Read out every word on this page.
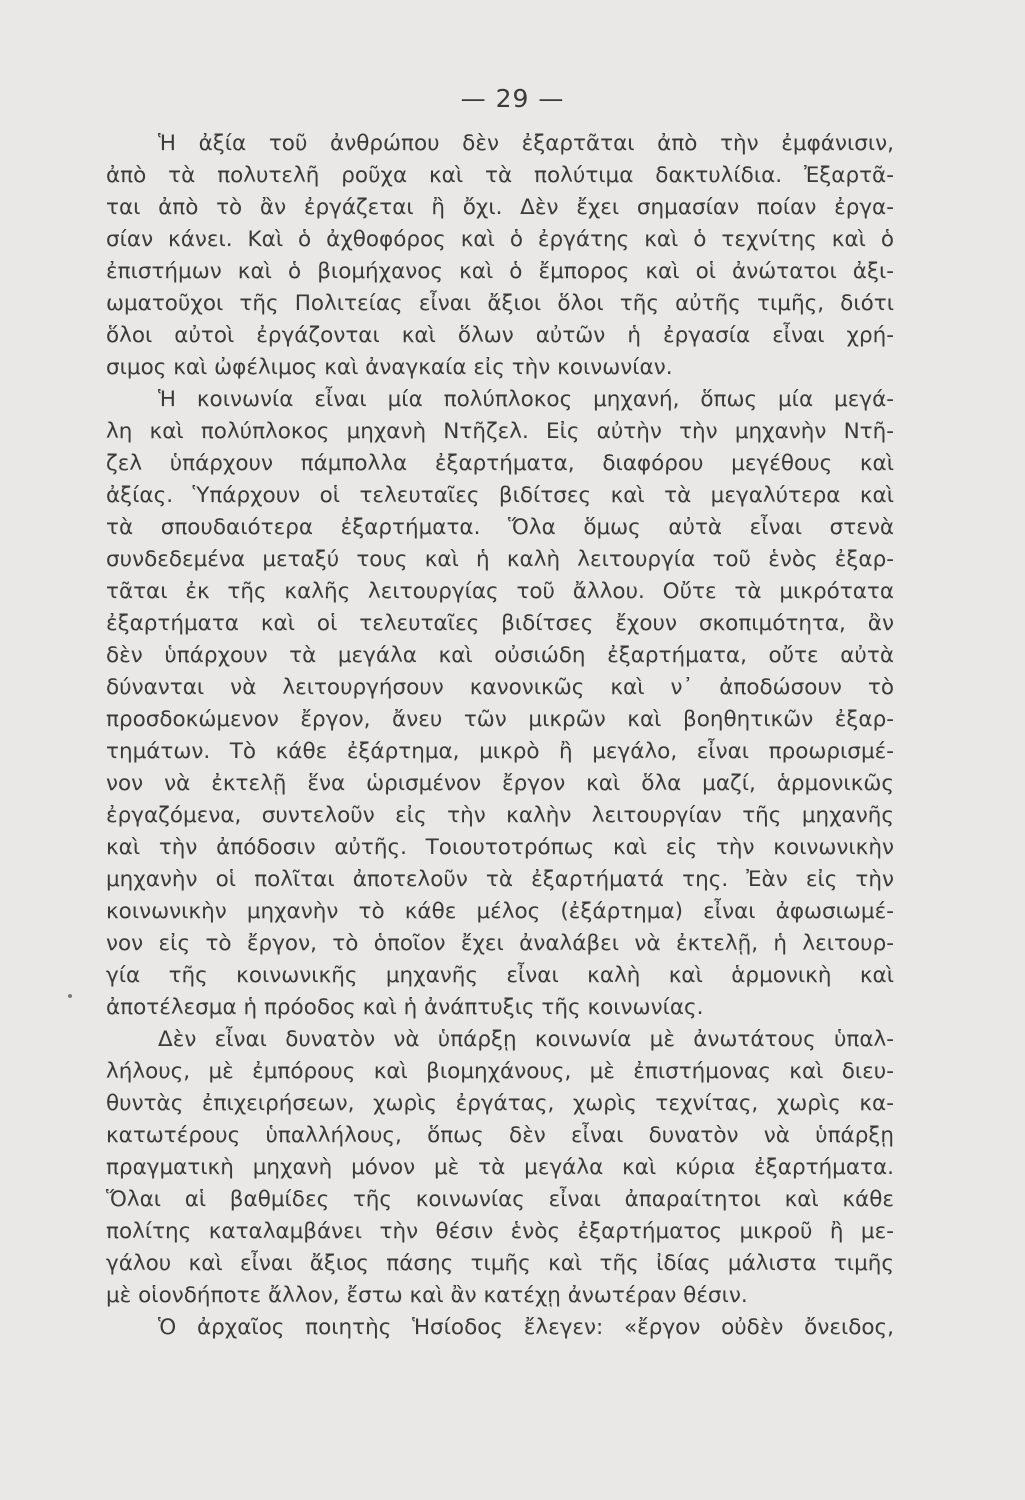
— 29 —
Ἡ ἀξία τοῦ ἀνθρώπου δὲν ἐξαρτᾶται ἀπὸ τὴν ἐμφάνισιν,
ἀπὸ τὰ πολυτελῆ ροῦχα καὶ τὰ πολύτιμα δακτυλίδια. Ἐξαρτᾶ-
ται ἀπὸ τὸ ἂν ἐργάζεται ἢ ὄχι. Δὲν ἔχει σημασίαν ποίαν ἐργα-
σίαν κάνει. Καὶ ὁ ἀχθοφόρος καὶ ὁ ἐργάτης καὶ ὁ τεχνίτης καὶ ὁ
ἐπιστήμων καὶ ὁ βιομήχανος καὶ ὁ ἔμπορος καὶ οἱ ἀνώτατοι ἀξι-
ωματοῦχοι τῆς Πολιτείας εἶναι ἄξιοι ὅλοι τῆς αὐτῆς τιμῆς, διότι
ὅλοι αὐτοὶ ἐργάζονται καὶ ὅλων αὐτῶν ἡ ἐργασία εἶναι χρή-
σιμος καὶ ὠφέλιμος καὶ ἀναγκαία εἰς τὴν κοινωνίαν.
Ἡ κοινωνία εἶναι μία πολύπλοκος μηχανή, ὅπως μία μεγά-
λη καὶ πολύπλοκος μηχανὴ Ντῆζελ. Εἰς αὐτὴν τὴν μηχανὴν Ντῆ-
ζελ ὑπάρχουν πάμπολλα ἐξαρτήματα, διαφόρου μεγέθους καὶ
ἀξίας. Ὑπάρχουν οἱ τελευταῖες βιδίτσες καὶ τὰ μεγαλύτερα καὶ
τὰ σπουδαιότερα ἐξαρτήματα. Ὅλα ὅμως αὐτὰ εἶναι στενὰ
συνδεδεμένα μεταξύ τους καὶ ἡ καλὴ λειτουργία τοῦ ἑνὸς ἐξαρ-
τᾶται ἐκ τῆς καλῆς λειτουργίας τοῦ ἄλλου. Οὔτε τὰ μικρότατα
ἐξαρτήματα καὶ οἱ τελευταῖες βιδίτσες ἔχουν σκοπιμότητα, ἂν
δὲν ὑπάρχουν τὰ μεγάλα καὶ οὐσιώδη ἐξαρτήματα, οὔτε αὐτὰ
δύνανται νὰ λειτουργήσουν κανονικῶς καὶ ν᾽ ἀποδώσουν τὸ
προσδοκώμενον ἔργον, ἄνευ τῶν μικρῶν καὶ βοηθητικῶν ἐξαρ-
τημάτων. Τὸ κάθε ἐξάρτημα, μικρὸ ἢ μεγάλο, εἶναι προωρισμέ-
νον νὰ ἐκτελῇ ἕνα ὡρισμένον ἔργον καὶ ὅλα μαζί, ἁρμονικῶς
ἐργαζόμενα, συντελοῦν εἰς τὴν καλὴν λειτουργίαν τῆς μηχανῆς
καὶ τὴν ἀπόδοσιν αὐτῆς. Τοιουτοτρόπως καὶ εἰς τὴν κοινωνικὴν
μηχανὴν οἱ πολῖται ἀποτελοῦν τὰ ἐξαρτήματά της. Ἐὰν εἰς τὴν
κοινωνικὴν μηχανὴν τὸ κάθε μέλος (ἐξάρτημα) εἶναι ἀφωσιωμέ-
νον εἰς τὸ ἔργον, τὸ ὁποῖον ἔχει ἀναλάβει νὰ ἐκτελῇ, ἡ λειτουρ-
γία τῆς κοινωνικῆς μηχανῆς εἶναι καλὴ καὶ ἁρμονικὴ καὶ
ἀποτέλεσμα ἡ πρόοδος καὶ ἡ ἀνάπτυξις τῆς κοινωνίας.
Δὲν εἶναι δυνατὸν νὰ ὑπάρξῃ κοινωνία μὲ ἀνωτάτους ὑπαλ-
λήλους, μὲ ἐμπόρους καὶ βιομηχάνους, μὲ ἐπιστήμονας καὶ διευ-
θυντὰς ἐπιχειρήσεων, χωρὶς ἐργάτας, χωρὶς τεχνίτας, χωρὶς κα-
κατωτέρους ὑπαλλήλους, ὅπως δὲν εἶναι δυνατὸν νὰ ὑπάρξῃ
πραγματικὴ μηχανὴ μόνον μὲ τὰ μεγάλα καὶ κύρια ἐξαρτήματα.
Ὅλαι αἱ βαθμίδες τῆς κοινωνίας εἶναι ἀπαραίτητοι καὶ κάθε
πολίτης καταλαμβάνει τὴν θέσιν ἑνὸς ἐξαρτήματος μικροῦ ἢ με-
γάλου καὶ εἶναι ἄξιος πάσης τιμῆς καὶ τῆς ἰδίας μάλιστα τιμῆς
μὲ οἱονδήποτε ἄλλον, ἔστω καὶ ἂν κατέχῃ ἀνωτέραν θέσιν.
Ὁ ἀρχαῖος ποιητὴς Ἡσίοδος ἔλεγεν: «ἔργον οὐδὲν ὄνειδος,
